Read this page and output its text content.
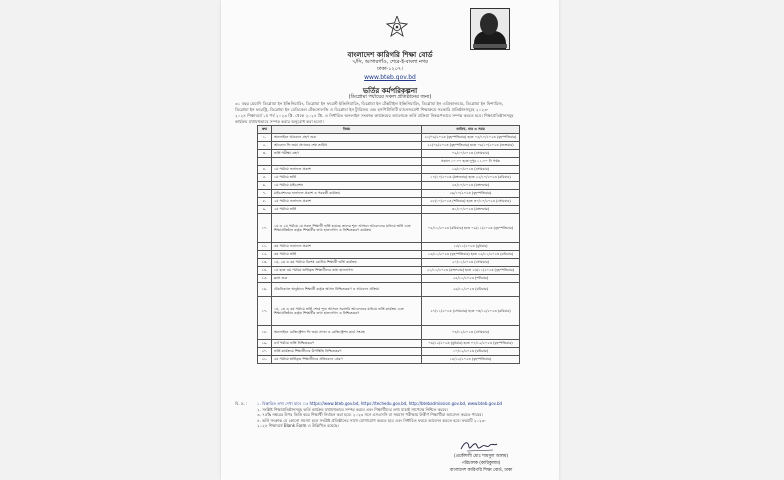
বাংলাদেশ কারিগরি শিক্ষা বোর্ড
৭/সি, আগারগাঁও, শেরে-ই-বাংলা নগর
ঢাকা-১২০৭।
www.bteb.gov.bd
ভর্তির কর্মপরিকল্পনা
(ডিপ্লোমা পর্যায়ের সকল প্রতিষ্ঠানের জন্য)
৩১ বছর মেয়াদি ডিপ্লোমা ইন ইঞ্জিনিয়ারিং, ডিপ্লোমা ইন ফরেস্ট ইঞ্জিনিয়ারিং, ডিপ্লোমা ইন টেক্সটাইল ইঞ্জিনিয়ারিং, ডিপ্লোমা ইন এগ্রিকালচার, ডিপ্লোমা ইন ফিশারিজ,
ডিপ্লোমা ইন ফরেস্ট্রি, ডিপ্লোমা ইন মেডিকেল টেকনোলজি ও ডিপ্লোমা ইন ট্যুরিজম এন্ড হসপিটালিটি ম্যানেজমেন্ট শিক্ষাক্রমে সরকারি প্রতিষ্ঠানসমূহে ২০২৩-
২০২৪ শিক্ষাবর্ষে ১ম পর্ব ২০২৩ খ্রি. থেকে ২০২৪ খ্রি. এ নির্ধারিত অনলাইন সংক্রান্ত কার্যক্রমের আলোকে ভর্তি প্রক্রিয়া নিম্নরূপভাবে সম্পন্ন করতে হবে। শিক্ষাপ্রতিষ্ঠানসমূহ
কার্যক্রম যথাযথভাবে সম্পন্ন করার অনুরোধ করা হলো।
ক্রম	বিষয়	তারিখ, বার ও সময়
১.	অনলাইনে আবেদন গ্রহণ শুরু	২১/০৯/২০২৩ (বৃহস্পতিবার) হতে ০৫/১০/২০২৩ (বৃহস্পতিবার)
২.	আবেদন ফি জমা প্রদানের শেষ তারিখ	২১/০৯/২০২৩ (বৃহস্পতিবার) হতে ০৬/১০/২০২৩ (শুক্রবার)
৩.	ভর্তি পরীক্ষা গ্রহণ	০৯/১০/২০২৩ (সোমবার)
		সকাল ১০.০০ হতে দুপুর ১১.০০ টা পর্যন্ত
৪.	১ম পর্যায়ে ফলাফল প্রকাশ	১৬/১০/২০২৩ (সোমবার)
৫.	১ম পর্যায়ে ভর্তি	১৭/১০/২০২৩ (মঙ্গলবার) হতে ২২/১০/২০২৩ (রবিবার)
৬.	১ম পর্যায়ে মাইগ্রেশন	২৪/১০/২০২৩ (মঙ্গলবার)
৭.	মাইগ্রেশনের ফলাফল প্রকাশ ও পরবর্তী কার্যক্রম	২৬/১০/২০২৩ (বৃহস্পতিবার)
৮.	২য় পর্যায়ে ফলাফল প্রকাশ	২৮/১০/২০২৩ (শনিবার) হতে ৩০/১০/২০২৩ (সোমবার)
৯.	২য় পর্যায়ে ভর্তি	৩১/১০/২০২৩ (মঙ্গলবার)
১০.	১ম ও ২য় পর্যায়ে যে সকল শিক্ষার্থী ভর্তি হয়েছে তাদের শূন্য আসনে আবেদনের মাধ্যমে ভর্তি এবং শিক্ষাপ্রতিষ্ঠান কর্তৃক শিক্ষার্থীর তথ্য হালনাগাদ ও নিশ্চিতকরণ কার্যক্রম	০৫/১১/২০২৩ (রবিবার) হতে ০৯/১১/২০২৩ (বৃহস্পতিবার)
১১.	৩য় পর্যায়ে ফলাফল প্রকাশ	১৫/১১/২০২৩ (বুধবার)
১২.	৩য় পর্যায়ে ভর্তি	১৬/১১/২০২৩ (বৃহস্পতিবার) হতে ১৯/১১/২০২৩ (রবিবার)
১৩.	১ম, ২য় ও ৩য় পর্যায়ে বিশেষ কোটায় শিক্ষার্থী ভর্তি কার্যক্রম	২০/১১/২০২৩ (সোমবার)
১৪.	১ম হতে ৩য় পর্যায়ে ভর্তিকৃত শিক্ষার্থীদের তথ্য হালনাগাদ	২১/১১/২০২৩ (মঙ্গলবার) হতে ২৩/১১/২০২৩ (বৃহস্পতিবার)
১৫.	ক্লাস শুরু	২৫/১১/২০২৩ (শনিবার)
১৬.	টেকনিক্যাল অনুষ্ঠানে শিক্ষার্থী কর্তৃক আসন নিশ্চিতকরণ ও আবেদন প্রক্রিয়া	২৬/১১/২০২৩ (রবিবার)
১৭.	১ম, ২য় ও ৩য় পর্যায়ে ভর্তি শেষে শূন্য আসনে সরাসরি আবেদনের মাধ্যমে ভর্তি কার্যক্রম এবং শিক্ষাপ্রতিষ্ঠান কর্তৃক শিক্ষার্থীর তথ্য হালনাগাদ ও নিশ্চিতকরণ	২৭/১১/২০২৩ (সোমবার) হতে ০৩/১২/২০২৩ (রবিবার)
১৮.	অনলাইনে রেজিস্ট্রেশন ফি জমা প্রদান ও রেজিস্ট্রেশন কার্ড সংগ্রহ	০৪/১২/২০২৩ (সোমবার)
১৯.	৪র্থ পর্যায়ে ভর্তি নিশ্চিতকরণ	০৬/১২/২০২৩ (বুধবার) হতে ০৭/১২/২০২৩ (বৃহস্পতিবার)
২০.	ভর্তি কার্যক্রমে শিক্ষার্থীদের উপস্থিতি নিশ্চিতকরণ	১০/১২/২০২৩ (রবিবার)
২১.	৫ম পর্যায়ে ভর্তিকৃত শিক্ষার্থীদের প্রতিবেদন প্রেরণ	১৪/১২/২০২৩ (বৃহস্পতিবার)
বি. দ্র. : ১. বিস্তারিত তথ্য দেখা যাবে ঃ https://www.bteb.gov.bd, https://techedu.gov.bd, http://btebadmission.gov.bd, www.bteb.gov.bd
২. সংশ্লিষ্ট শিক্ষাপ্রতিষ্ঠানসমূহ ভর্তি কার্যক্রম যথাযথভাবে সম্পন্ন করবে এবং শিক্ষার্থীদের তথ্য যাচাই সাপেক্ষে নিশ্চিত করবে।
৩. ৭৫% নম্বরের উপর ভিত্তি করে শিক্ষার্থী নির্বাচন করা হবে। ২০২৩ সনে এসএসসি বা সমমান পরীক্ষায় উত্তীর্ণ শিক্ষার্থীরা আবেদন করতে পারবে।
৪. ভর্তি সংক্রান্ত যে কোনো সমস্যা হলে সংশ্লিষ্ট প্রতিষ্ঠানের সাথে যোগাযোগ করতে হবে এবং নির্ধারিত ফরমে আবেদন করতে হবে। ফরমটি ২০২৩-
২০২৪ শিক্ষাবর্ষে Blank Form এ উল্লিখিত রয়েছে।
(প্রকৌশলী মোঃ শামসুল আলম)
পরিচালক (কারিকুলাম)
বাংলাদেশ কারিগরি শিক্ষা বোর্ড, ঢাকা
